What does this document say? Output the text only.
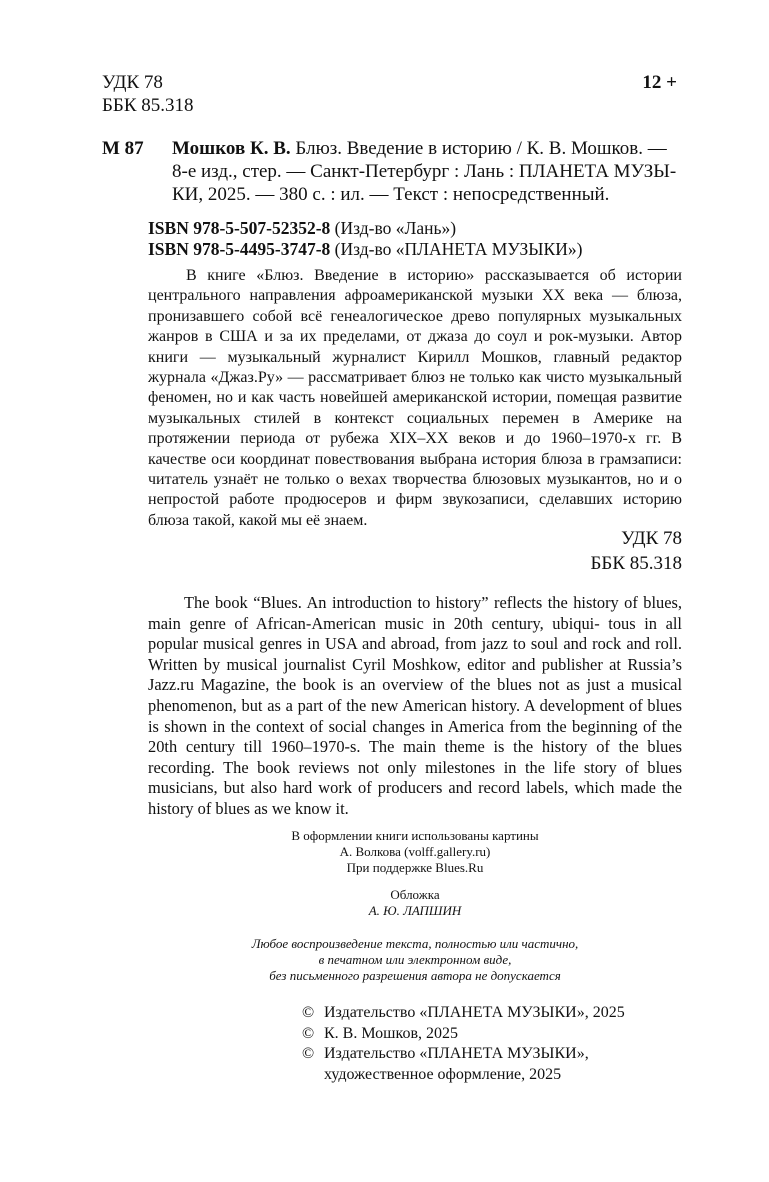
УДК 78
ББК 85.318
12 +
М 87 Мошков К. В. Блюз. Введение в историю / К. В. Мошков. —
8-е изд., стер. — Санкт-Петербург : Лань : ПЛАНЕТА МУЗЫ-
КИ, 2025. — 380 с. : ил. — Текст : непосредственный.
ISBN 978-5-507-52352-8 (Изд-во «Лань»)
ISBN 978-5-4495-3747-8 (Изд-во «ПЛАНЕТА МУЗЫКИ»)

В книге «Блюз. Введение в историю» рассказывается об истории центрального направления афроамериканской музыки XX века — блюза, пронизавшего собой всё генеалогическое древо популярных музыкальных жанров в США и за их пределами, от джаза до соул и рок-музыки. Автор книги — музыкальный журналист Кирилл Мошков, главный редактор журнала «Джаз.Ру» — рассматривает блюз не только как чисто музыкальный феномен, но и как часть новейшей американской истории, помещая развитие музыкальных стилей в контекст социальных перемен в Америке на протяжении периода от рубежа XIX–XX веков и до 1960–1970-х гг. В качестве оси координат повествования выбрана история блюза в грамзаписи: читатель узнаёт не только о вехах творчества блюзовых музыкантов, но и о непростой работе продюсеров и фирм звукозаписи, сделавших историю блюза такой, какой мы её знаем.

УДК 78
ББК 85.318

The book “Blues. An introduction to history” reflects the history of blues, main genre of African-American music in 20th century, ubiqui- tous in all popular musical genres in USA and abroad, from jazz to soul and rock and roll. Written by musical journalist Cyril Moshkow, editor and publisher at Russia’s Jazz.ru Magazine, the book is an overview of the blues not as just a musical phenomenon, but as a part of the new American history. A development of blues is shown in the context of social changes in America from the beginning of the 20th century till 1960–1970-s. The main theme is the history of the blues recording. The book reviews not only milestones in the life story of blues musicians, but also hard work of producers and record labels, which made the history of blues as we know it.

В оформлении книги использованы картины
А. Волкова (volff.gallery.ru)
При поддержке Blues.Ru
Обложка
А. Ю. ЛАПШИН
Любое воспроизведение текста, полностью или частично,
в печатном или электронном виде,
без письменного разрешения автора не допускается
© Издательство «ПЛАНЕТА МУЗЫКИ», 2025
© К. В. Мошков, 2025
© Издательство «ПЛАНЕТА МУЗЫКИ»,
художественное оформление, 2025
